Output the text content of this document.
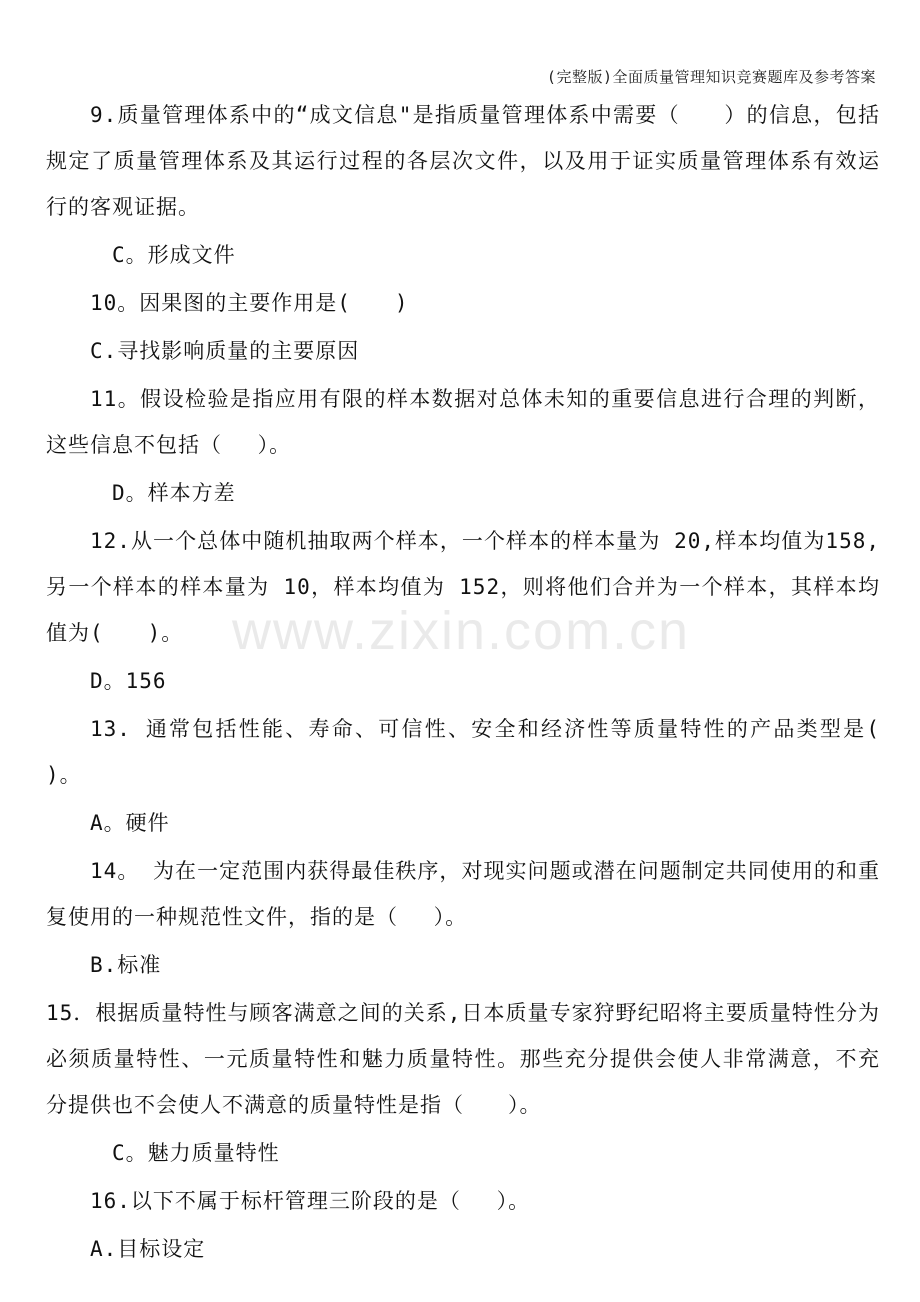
(完整版)全面质量管理知识竞赛题库及参考答案
www.zixin.com.cn

9.质量管理体系中的“成文信息"是指质量管理体系中需要（　　）的信息，包括规定了质量管理体系及其运行过程的各层次文件，以及用于证实质量管理体系有效运行的客观证据。

C。形成文件

10。因果图的主要作用是(　　)

C.寻找影响质量的主要原因

11。假设检验是指应用有限的样本数据对总体未知的重要信息进行合理的判断，这些信息不包括（　 ）。

D。样本方差

12.从一个总体中随机抽取两个样本，一个样本的样本量为 20,样本均值为158,另一个样本的样本量为 10，样本均值为 152，则将他们合并为一个样本，其样本均值为(　　)。

D。156

13. 通常包括性能、寿命、可信性、安全和经济性等质量特性的产品类型是(　 )。

A。硬件

14。 为在一定范围内获得最佳秩序，对现实问题或潜在问题制定共同使用的和重复使用的一种规范性文件，指的是（　 ）。

B.标准

15．根据质量特性与顾客满意之间的关系,日本质量专家狩野纪昭将主要质量特性分为必须质量特性、一元质量特性和魅力质量特性。那些充分提供会使人非常满意，不充分提供也不会使人不满意的质量特性是指（　　）。

C。魅力质量特性

16.以下不属于标杆管理三阶段的是（　 ）。

A.目标设定
